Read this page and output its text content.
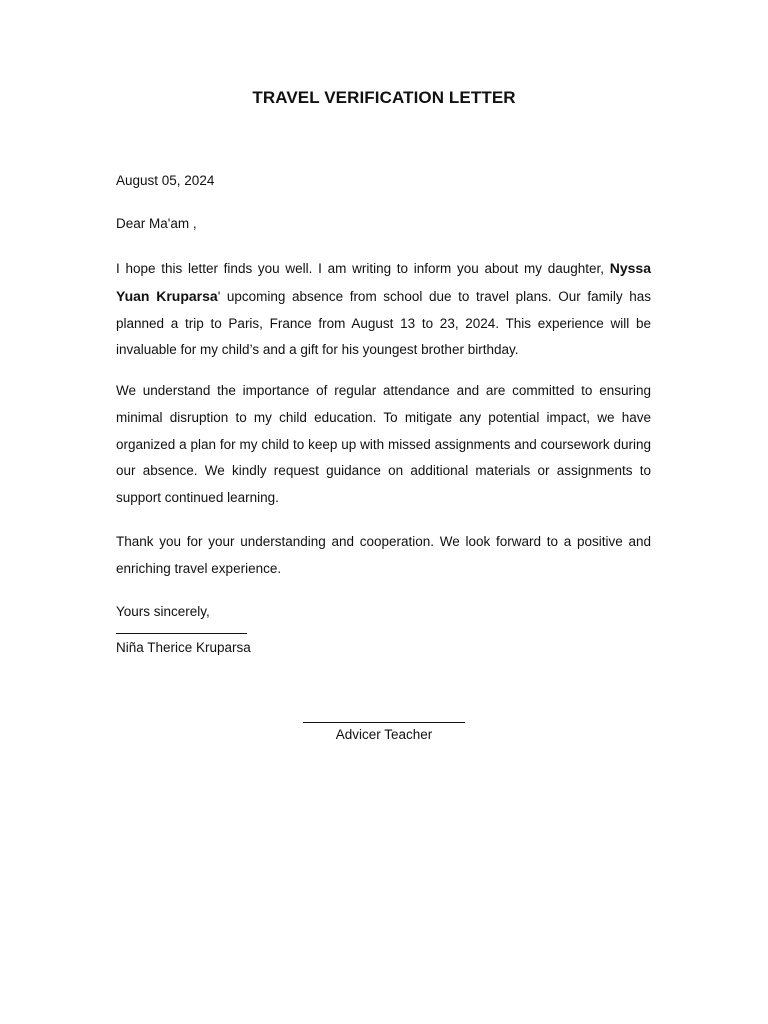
TRAVEL VERIFICATION LETTER
August 05, 2024
Dear Ma'am ,
I hope this letter finds you well. I am writing to inform you about my daughter, Nyssa Yuan Kruparsa' upcoming absence from school due to travel plans. Our family has planned a trip to Paris, France from August 13 to 23, 2024. This experience will be invaluable for my child’s and a gift for his youngest brother birthday.
We understand the importance of regular attendance and are committed to ensuring minimal disruption to my child education. To mitigate any potential impact, we have organized a plan for my child to keep up with missed assignments and coursework during our absence. We kindly request guidance on additional materials or assignments to support continued learning.
Thank you for your understanding and cooperation. We look forward to a positive and enriching travel experience.
Yours sincerely,
Niña Therice Kruparsa
Advicer Teacher
